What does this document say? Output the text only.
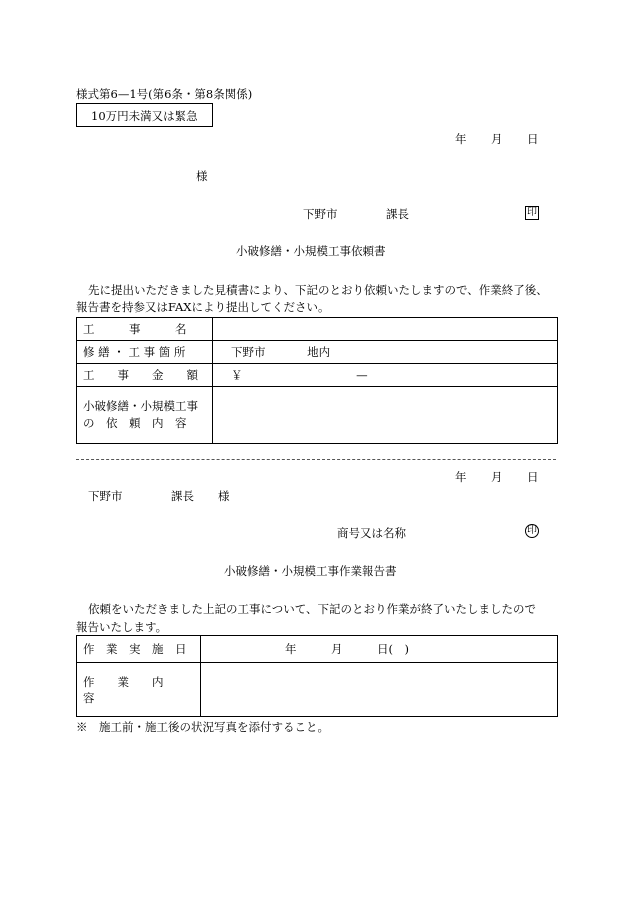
様式第6—1号(第6条・第8条関係)
10万円未満又は緊急
年 月 日
様
下野市	課長	印
小破修繕・小規模工事依頼書
先に提出いただきました見積書により、下記のとおり依頼いたしますので、作業終了後、
報告書を持参又はFAXにより提出してください。
工　　　事　　　名	
修 繕 ・ 工 事 箇 所	下野市 地内
工　　事　　金　　額	￥ —

小破修繕・小規模工事
の　依　頼　内　容	

年 月 日
下野市	課長 様
商号又は名称	印
小破修繕・小規模工事作業報告書
依頼をいただきました上記の工事について、下記のとおり作業が終了いたしましたので
報告いたします。
作　業　実　施　日	年　　　月　　　日(　)
作　　業　　内　　容	
※　施工前・施工後の状況写真を添付すること。
